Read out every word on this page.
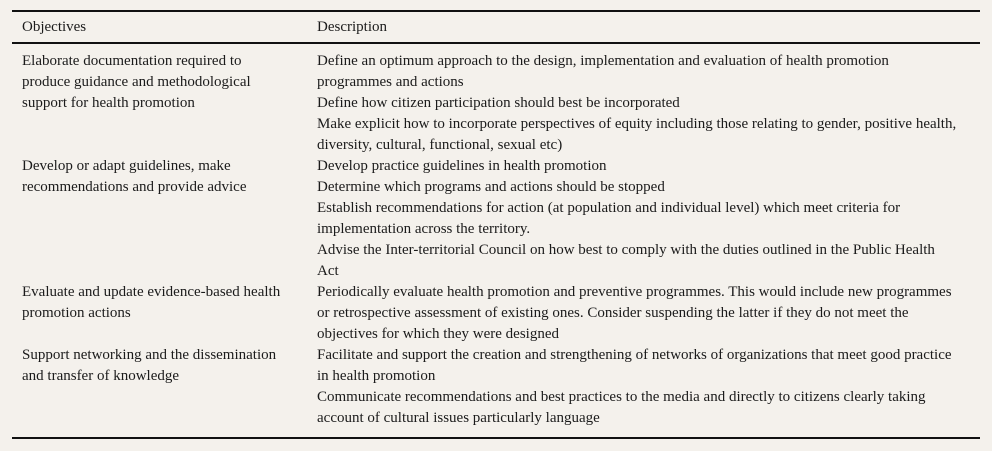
Objectives	Description
Elaborate documentation required to produce guidance and methodological support for health promotion

Define an optimum approach to the design, implementation and evaluation of health promotion programmes and actions

Define how citizen participation should best be incorporated

Make explicit how to incorporate perspectives of equity including those relating to gender, positive health, diversity, cultural, functional, sexual etc)

Develop or adapt guidelines, make recommendations and provide advice

Develop practice guidelines in health promotion

Determine which programs and actions should be stopped

Establish recommendations for action (at population and individual level) which meet criteria for implementation across the territory.

Advise the Inter-territorial Council on how best to comply with the duties outlined in the Public Health Act

Evaluate and update evidence-based health promotion actions

Periodically evaluate health promotion and preventive programmes. This would include new programmes or retrospective assessment of existing ones. Consider suspending the latter if they do not meet the objectives for which they were designed

Support networking and the dissemination and transfer of knowledge

Facilitate and support the creation and strengthening of networks of organizations that meet good practice in health promotion

Communicate recommendations and best practices to the media and directly to citizens clearly taking account of cultural issues particularly language
